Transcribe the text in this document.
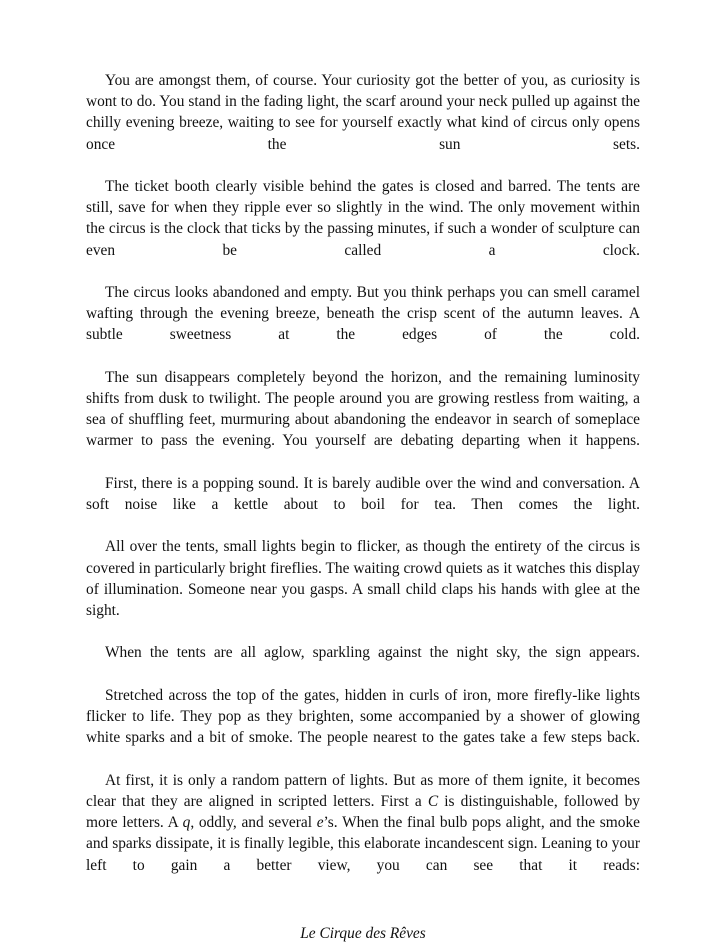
You are amongst them, of course. Your curiosity got the better of you, as curiosity is wont to do. You stand in the fading light, the scarf around your neck pulled up against the chilly evening breeze, waiting to see for yourself exactly what kind of circus only opens once the sun sets.

The ticket booth clearly visible behind the gates is closed and barred. The tents are still, save for when they ripple ever so slightly in the wind. The only movement within the circus is the clock that ticks by the passing minutes, if such a wonder of sculpture can even be called a clock.

The circus looks abandoned and empty. But you think perhaps you can smell caramel wafting through the evening breeze, beneath the crisp scent of the autumn leaves. A subtle sweetness at the edges of the cold.

The sun disappears completely beyond the horizon, and the remaining luminosity shifts from dusk to twilight. The people around you are growing restless from waiting, a sea of shuffling feet, murmuring about abandoning the endeavor in search of someplace warmer to pass the evening. You yourself are debating departing when it happens.

First, there is a popping sound. It is barely audible over the wind and conversation. A soft noise like a kettle about to boil for tea. Then comes the light.

All over the tents, small lights begin to flicker, as though the entirety of the circus is covered in particularly bright fireflies. The waiting crowd quiets as it watches this display of illumination. Someone near you gasps. A small child claps his hands with glee at the sight.

When the tents are all aglow, sparkling against the night sky, the sign appears.

Stretched across the top of the gates, hidden in curls of iron, more firefly-like lights flicker to life. They pop as they brighten, some accompanied by a shower of glowing white sparks and a bit of smoke. The people nearest to the gates take a few steps back.

At first, it is only a random pattern of lights. But as more of them ignite, it becomes clear that they are aligned in scripted letters. First a C is distinguishable, followed by more letters. A q, oddly, and several e’s. When the final bulb pops alight, and the smoke and sparks dissipate, it is finally legible, this elaborate incandescent sign. Leaning to your left to gain a better view, you can see that it reads:

Le Cirque des Rêves
